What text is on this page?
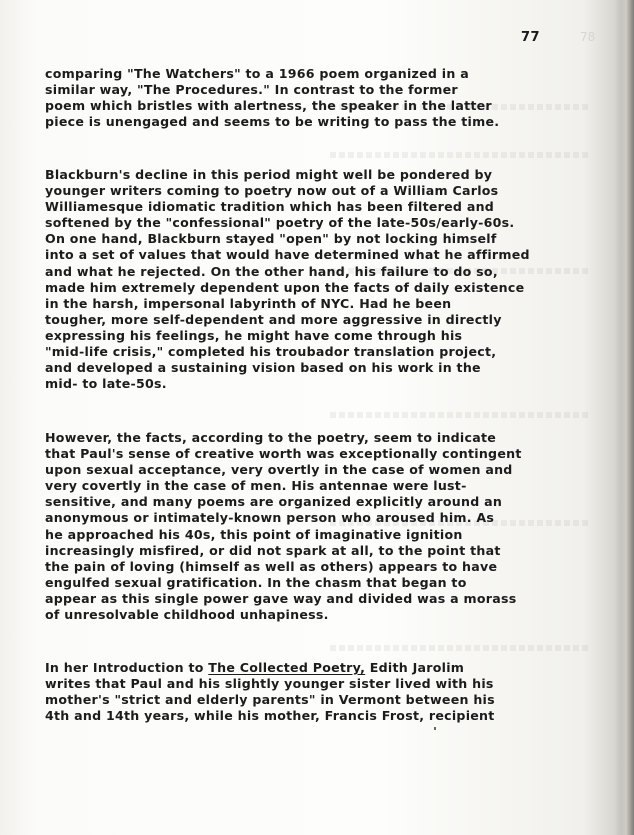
78
77
comparing "The Watchers" to a 1966 poem organized in a
similar way, "The Procedures." In contrast to the former
poem which bristles with alertness, the speaker in the latter
piece is unengaged and seems to be writing to pass the time.
Blackburn's decline in this period might well be pondered by
younger writers coming to poetry now out of a William Carlos
Williamesque idiomatic tradition which has been filtered and
softened by the "confessional" poetry of the late-50s/early-60s.
On one hand, Blackburn stayed "open" by not locking himself
into a set of values that would have determined what he affirmed
and what he rejected. On the other hand, his failure to do so,
made him extremely dependent upon the facts of daily existence
in the harsh, impersonal labyrinth of NYC. Had he been
tougher, more self-dependent and more aggressive in directly
expressing his feelings, he might have come through his
"mid-life crisis," completed his troubador translation project,
and developed a sustaining vision based on his work in the
mid- to late-50s.
However, the facts, according to the poetry, seem to indicate
that Paul's sense of creative worth was exceptionally contingent
upon sexual acceptance, very overtly in the case of women and
very covertly in the case of men. His antennae were lust-
sensitive, and many poems are organized explicitly around an
anonymous or intimately-known person who aroused him. As
he approached his 40s, this point of imaginative ignition
increasingly misfired, or did not spark at all, to the point that
the pain of loving (himself as well as others) appears to have
engulfed sexual gratification. In the chasm that began to
appear as this single power gave way and divided was a morass
of unresolvable childhood unhapiness.
In her Introduction to The Collected Poetry, Edith Jarolim
writes that Paul and his slightly younger sister lived with his
mother's "strict and elderly parents" in Vermont between his
4th and 14th years, while his mother, Francis Frost, recipient
